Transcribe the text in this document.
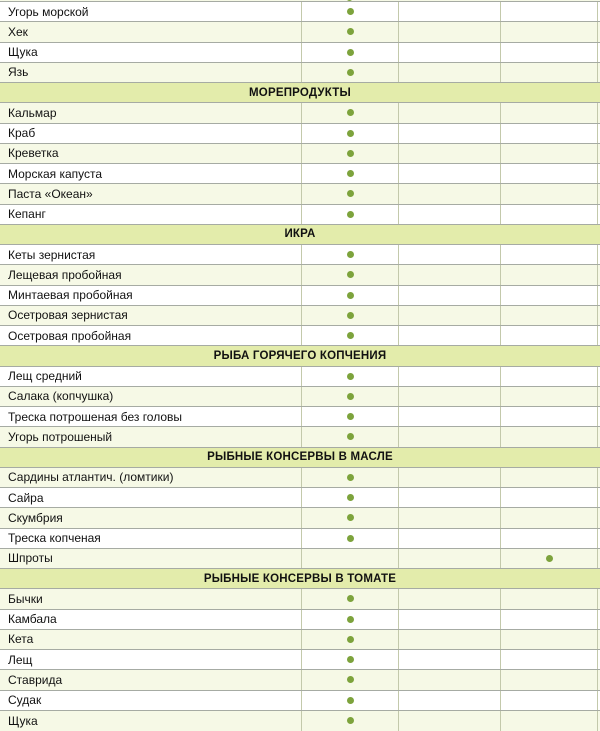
Угорь морской
Хек
Щука
Язь
МОРЕПРОДУКТЫ
Кальмар
Краб
Креветка
Морская капуста
Паста «Океан»
Кепанг
ИКРА
Кеты зернистая
Лещевая пробойная
Минтаевая пробойная
Осетровая зернистая
Осетровая пробойная
РЫБА ГОРЯЧЕГО КОПЧЕНИЯ
Лещ средний
Салака (копчушка)
Треска потрошеная без головы
Угорь потрошеный
РЫБНЫЕ КОНСЕРВЫ В МАСЛЕ
Сардины атлантич. (ломтики)
Сайра
Скумбрия
Треска копченая
Шпроты
РЫБНЫЕ КОНСЕРВЫ В ТОМАТЕ
Бычки
Камбала
Кета
Лещ
Ставрида
Судак
Щука
